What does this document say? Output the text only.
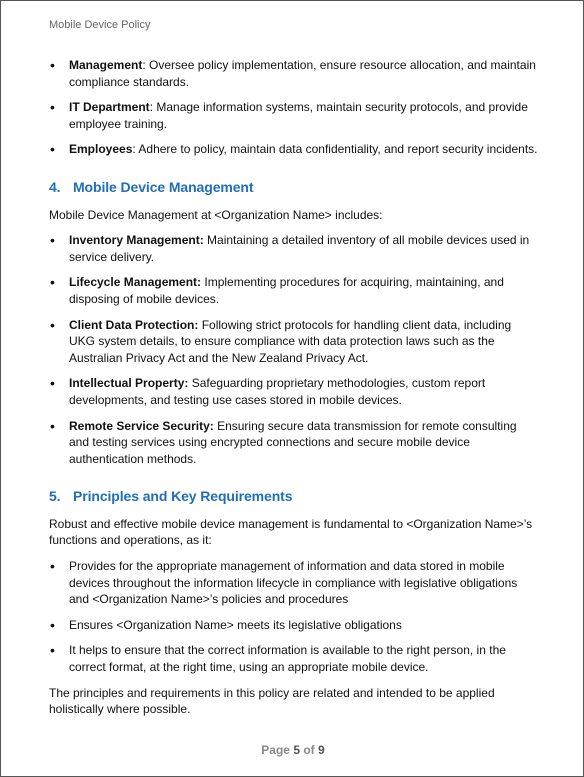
Mobile Device Policy
• Management: Oversee policy implementation, ensure resource allocation, and maintain compliance standards.
• IT Department: Manage information systems, maintain security protocols, and provide employee training.
• Employees: Adhere to policy, maintain data confidentiality, and report security incidents.
4. Mobile Device Management

Mobile Device Management at <Organization Name> includes:

• Inventory Management: Maintaining a detailed inventory of all mobile devices used in service delivery.
• Lifecycle Management: Implementing procedures for acquiring, maintaining, and disposing of mobile devices.
• Client Data Protection: Following strict protocols for handling client data, including UKG system details, to ensure compliance with data protection laws such as the Australian Privacy Act and the New Zealand Privacy Act.
• Intellectual Property: Safeguarding proprietary methodologies, custom report developments, and testing use cases stored in mobile devices.
• Remote Service Security: Ensuring secure data transmission for remote consulting and testing services using encrypted connections and secure mobile device authentication methods.
5. Principles and Key Requirements

Robust and effective mobile device management is fundamental to <Organization Name>’s functions and operations, as it:

• Provides for the appropriate management of information and data stored in mobile devices throughout the information lifecycle in compliance with legislative obligations and <Organization Name>’s policies and procedures
• Ensures <Organization Name> meets its legislative obligations
• It helps to ensure that the correct information is available to the right person, in the correct format, at the right time, using an appropriate mobile device.

The principles and requirements in this policy are related and intended to be applied holistically where possible.

Page 5 of 9
